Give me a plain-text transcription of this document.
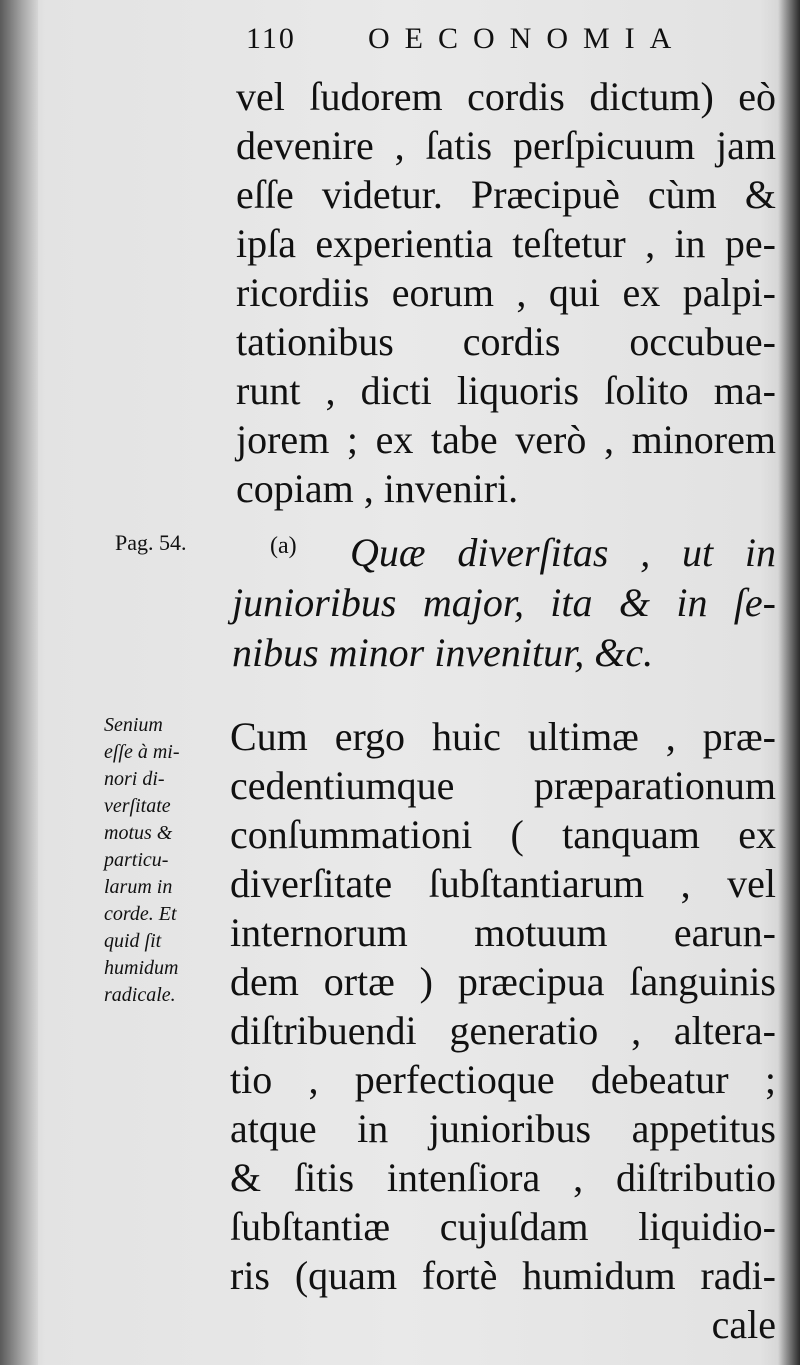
110 OECONOMIA
vel ſudorem cordis dictum) eò
devenire , ſatis perſpicuum jam
eſſe videtur. Præcipuè cùm &
ipſa experientia teſtetur , in pe-
ricordiis eorum , qui ex palpi-
tationibus cordis occubue-
runt , dicti liquoris ſolito ma-
jorem ; ex tabe verò , minorem
copiam , inveniri.
Pag. 54.	(a)	Quæ diverſitas , ut in
junioribus major, ita & in ſe-
nibus minor invenitur, &c.
Senium
eſſe à mi-
nori di-
verſitate
motus &
particu-
larum in
corde. Et
quid ſit
humidum
radicale.
Cum ergo huic ultimæ , præ-
cedentiumque præparationum
conſummationi ( tanquam ex
diverſitate ſubſtantiarum , vel
internorum motuum earun-
dem ortæ ) præcipua ſanguinis
diſtribuendi generatio , altera-
tio , perfectioque debeatur ;
atque in junioribus appetitus
& ſitis intenſiora , diſtributio
ſubſtantiæ cujuſdam liquidio-
ris (quam fortè humidum radi-
cale
